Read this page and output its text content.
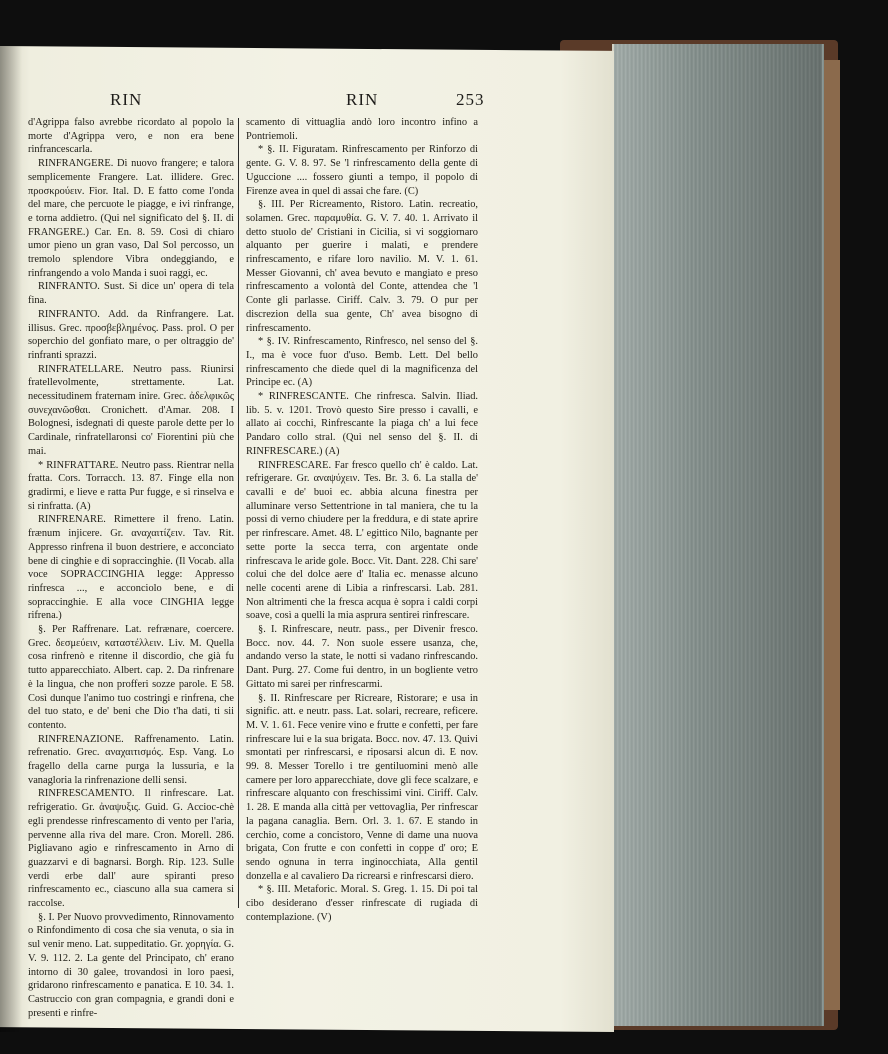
RIN	RIN	253

d'Agrippa falso avrebbe ricordato al popolo la morte d'Agrippa vero, e non era bene rinfrancescarla.

RINFRANGERE. Di nuovo frangere; e talora semplicemente Frangere. Lat. illidere. Grec. προσκρούειν. Fior. Ital. D. E fatto come l'onda del mare, che percuote le piagge, e ivi rinfrange, e torna addietro. (Qui nel significato del §. II. di FRANGERE.) Car. En. 8. 59. Così di chiaro umor pieno un gran vaso, Dal Sol percosso, un tremolo splendore Vibra ondeggiando, e rinfrangendo a volo Manda i suoi raggi, ec.

RINFRANTO. Sust. Si dice un' opera di tela fina.

RINFRANTO. Add. da Rinfrangere. Lat. illisus. Grec. προσβεβλημένος. Pass. prol. O per soperchio del gonfiato mare, o per oltraggio de' rinfranti sprazzi.

RINFRATELLARE. Neutro pass. Riunirsi fratellevolmente, strettamente. Lat. necessitudinem fraternam inire. Grec. ἀδελφικῶς συνεχανῶσθαι. Cronichett. d'Amar. 208. I Bolognesi, isdegnati di queste parole dette per lo Cardinale, rinfratellaronsi co' Fiorentini più che mai.

* RINFRATTARE. Neutro pass. Rientrar nella fratta. Cors. Torracch. 13. 87. Finge ella non gradirmi, e lieve e ratta Pur fugge, e si rinselva e si rinfratta. (A)

RINFRENARE. Rimettere il freno. Latin. frænum injicere. Gr. αναχαιτίζειν. Tav. Rit. Appresso rinfrena il buon destriere, e acconciato bene di cinghie e di sopraccinghie. (Il Vocab. alla voce SOPRACCINGHIA legge: Appresso rinfresca ..., e acconciolo bene, e di sopraccinghie. E alla voce CINGHIA legge rifrena.)

§. Per Raffrenare. Lat. refrænare, coercere. Grec. δεσμεύειν, καταστέλλειν. Liv. M. Quella cosa rinfrenò e ritenne il discordio, che già fu tutto apparecchiato. Albert. cap. 2. Da rinfrenare è la lingua, che non profferi sozze parole. E 58. Così dunque l'animo tuo costringi e rinfrena, che del tuo stato, e de' beni che Dio t'ha dati, ti sii contento.

RINFRENAZIONE. Raffrenamento. Latin. refrenatio. Grec. αναχαιτισμός. Esp. Vang. Lo fragello della carne purga la lussuria, e la vanagloria la rinfrenazione delli sensi.

RINFRESCAMENTO. Il rinfrescare. Lat. refrigeratio. Gr. ἀναψυξις. Guid. G. Accioc-chè egli prendesse rinfrescamento di vento per l'aria, pervenne alla riva del mare. Cron. Morell. 286. Pigliavano agio e rinfrescamento in Arno di guazzarvi e di bagnarsi. Borgh. Rip. 123. Sulle verdi erbe dall' aure spiranti preso rinfrescamento ec., ciascuno alla sua camera si raccolse.

§. I. Per Nuovo provvedimento, Rinnovamento o Rinfondimento di cosa che sia venuta, o sia in sul venir meno. Lat. suppeditatio. Gr. χορηγία. G. V. 9. 112. 2. La gente del Principato, ch' erano intorno di 30 galee, trovandosi in loro paesi, gridarono rinfrescamento e panatica. E 10. 34. 1. Castruccio con gran compagnia, e grandi doni e presenti e rinfre-

scamento di vittuaglia andò loro incontro infino a Pontriemoli.

* §. II. Figuratam. Rinfrescamento per Rinforzo di gente. G. V. 8. 97. Se 'l rinfrescamento della gente di Uguccione .... fossero giunti a tempo, il popolo di Firenze avea in quel dì assai che fare. (C)

§. III. Per Ricreamento, Ristoro. Latin. recreatio, solamen. Grec. παραμυθία. G. V. 7. 40. 1. Arrivato il detto stuolo de' Cristiani in Cicilia, si vi soggiornaro alquanto per guerire i malati, e prendere rinfrescamento, e rifare loro navilio. M. V. 1. 61. Messer Giovanni, ch' avea bevuto e mangiato e preso rinfrescamento a volontà del Conte, attendea che 'l Conte gli parlasse. Ciriff. Calv. 3. 79. O pur per discrezion della sua gente, Ch' avea bisogno di rinfrescamento.

* §. IV. Rinfrescamento, Rinfresco, nel senso del §. I., ma è voce fuor d'uso. Bemb. Lett. Del bello rinfrescamento che diede quel di la magnificenza del Principe ec. (A)

* RINFRESCANTE. Che rinfresca. Salvin. Iliad. lib. 5. v. 1201. Trovò questo Sire presso i cavalli, e allato ai cocchi, Rinfrescante la piaga ch' a lui fece Pandaro collo stral. (Qui nel senso del §. II. di RINFRESCARE.) (A)

RINFRESCARE. Far fresco quello ch' è caldo. Lat. refrigerare. Gr. αναψύχειν. Tes. Br. 3. 6. La stalla de' cavalli e de' buoi ec. abbia alcuna finestra per alluminare verso Settentrione in tal maniera, che tu la possi di verno chiudere per la freddura, e di state aprire per rinfrescare. Amet. 48. L' egittico Nilo, bagnante per sette porte la secca terra, con argentate onde rinfrescava le aride gole. Bocc. Vit. Dant. 228. Chi sare' colui che del dolce aere d' Italia ec. menasse alcuno nelle cocenti arene di Libia a rinfrescarsi. Lab. 281. Non altrimenti che la fresca acqua è sopra i caldi corpi soave, così a quelli la mia asprura sentirei rinfrescare.

§. I. Rinfrescare, neutr. pass., per Divenir fresco. Bocc. nov. 44. 7. Non suole essere usanza, che, andando verso la state, le notti si vadano rinfrescando. Dant. Purg. 27. Come fui dentro, in un bogliente vetro Gittato mi sarei per rinfrescarmi.

§. II. Rinfrescare per Ricreare, Ristorare; e usa in signific. att. e neutr. pass. Lat. solari, recreare, reficere. M. V. 1. 61. Fece venire vino e frutte e confetti, per fare rinfrescare lui e la sua brigata. Bocc. nov. 47. 13. Quivi smontati per rinfrescarsi, e riposarsi alcun dì. E nov. 99. 8. Messer Torello i tre gentiluomini menò alle camere per loro apparecchiate, dove gli fece scalzare, e rinfrescare alquanto con freschissimi vini. Ciriff. Calv. 1. 28. E manda alla città per vettovaglia, Per rinfrescar la pagana canaglia. Bern. Orl. 3. 1. 67. E stando in cerchio, come a concistoro, Venne di dame una nuova brigata, Con frutte e con confetti in coppe d' oro; E sendo ognuna in terra inginocchiata, Alla gentil donzella e al cavaliero Da ricrearsi e rinfrescarsi diero.

* §. III. Metaforic. Moral. S. Greg. 1. 15. Di poi tal cibo desiderano d'esser rinfrescate di rugiada di contemplazione. (V)
